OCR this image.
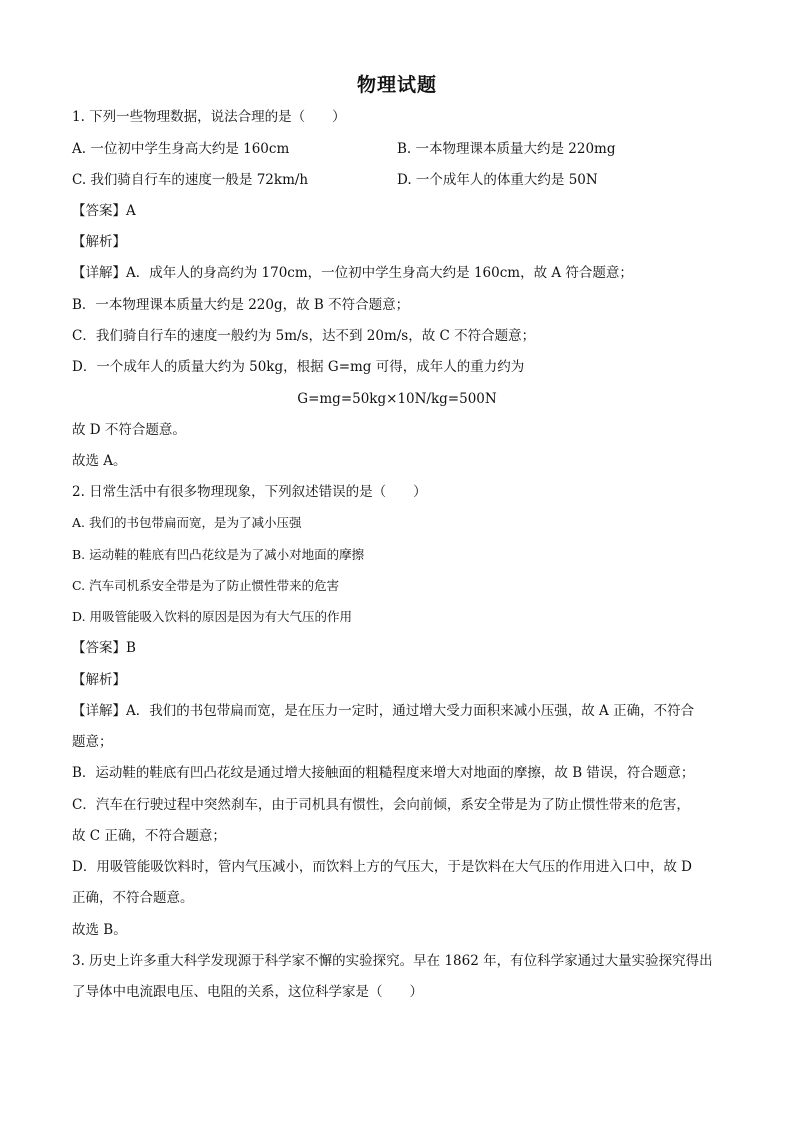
物理试题
1. 下列一些物理数据，说法合理的是（　　）
A. 一位初中学生身高大约是 160cm	B. 一本物理课本质量大约是 220mg
C. 我们骑自行车的速度一般是 72km/h	D. 一个成年人的体重大约是 50N
【答案】A
【解析】
【详解】A．成年人的身高约为 170cm，一位初中学生身高大约是 160cm，故 A 符合题意；
B．一本物理课本质量大约是 220g，故 B 不符合题意；
C．我们骑自行车的速度一般约为 5m/s，达不到 20m/s，故 C 不符合题意；
D．一个成年人的质量大约为 50kg，根据 G=mg 可得，成年人的重力约为
G=mg=50kg×10N/kg=500N
故 D 不符合题意。
故选 A。
2. 日常生活中有很多物理现象，下列叙述错误的是（　　）
A. 我们的书包带扁而宽，是为了减小压强
B. 运动鞋的鞋底有凹凸花纹是为了减小对地面的摩擦
C. 汽车司机系安全带是为了防止惯性带来的危害
D. 用吸管能吸入饮料的原因是因为有大气压的作用
【答案】B
【解析】
【详解】A．我们的书包带扁而宽，是在压力一定时，通过增大受力面积来减小压强，故 A 正确，不符合
题意；
B．运动鞋的鞋底有凹凸花纹是通过增大接触面的粗糙程度来增大对地面的摩擦，故 B 错误，符合题意；
C．汽车在行驶过程中突然刹车，由于司机具有惯性，会向前倾，系安全带是为了防止惯性带来的危害，
故 C 正确，不符合题意；
D．用吸管能吸饮料时，管内气压减小，而饮料上方的气压大，于是饮料在大气压的作用进入口中，故 D
正确，不符合题意。
故选 B。
3. 历史上许多重大科学发现源于科学家不懈的实验探究。早在 1862 年，有位科学家通过大量实验探究得出
了导体中电流跟电压、电阻的关系，这位科学家是（　　）
